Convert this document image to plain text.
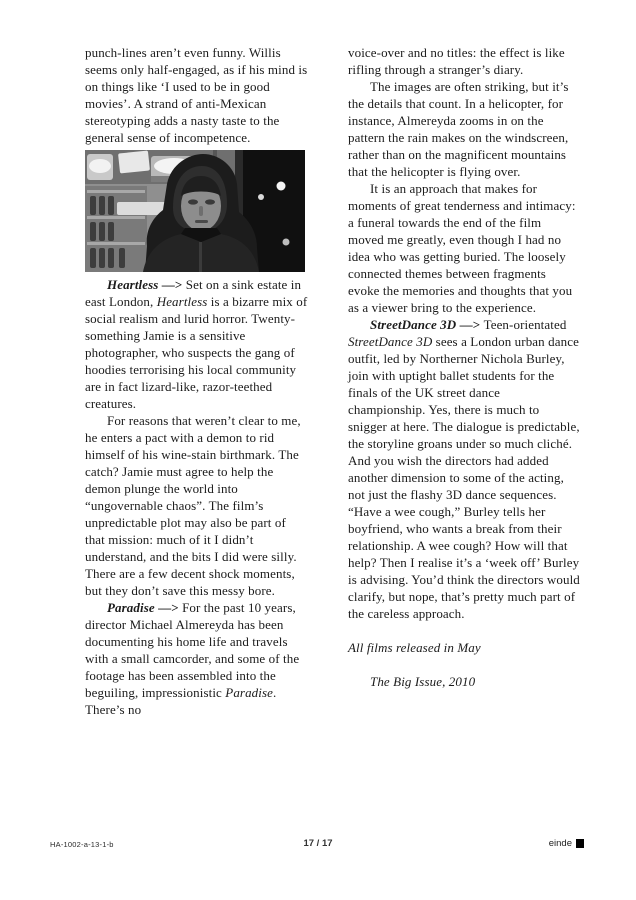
punch-lines aren’t even funny. Willis seems only half-engaged, as if his mind is on things like ‘I used to be in good movies’. A strand of anti-Mexican stereotyping adds a nasty taste to the general sense of incompetence.

Heartless —> Set on a sink estate in east London, Heartless is a bizarre mix of social realism and lurid horror. Twenty-something Jamie is a sensitive photographer, who suspects the gang of hoodies terrorising his local community are in fact lizard-like, razor-teethed creatures.

For reasons that weren’t clear to me, he enters a pact with a demon to rid himself of his wine-stain birthmark. The catch? Jamie must agree to help the demon plunge the world into “ungovernable chaos”. The film’s unpredictable plot may also be part of that mission: much of it I didn’t understand, and the bits I did were silly. There are a few decent shock moments, but they don’t save this messy bore.

Paradise —> For the past 10 years, director Michael Almereyda has been documenting his home life and travels with a small camcorder, and some of the footage has been assembled into the beguiling, impressionistic Paradise. There’s no

voice-over and no titles: the effect is like rifling through a stranger’s diary.

The images are often striking, but it’s the details that count. In a helicopter, for instance, Almereyda zooms in on the pattern the rain makes on the windscreen, rather than on the magnificent mountains that the helicopter is flying over.

It is an approach that makes for moments of great tenderness and intimacy: a funeral towards the end of the film moved me greatly, even though I had no idea who was getting buried. The loosely connected themes between fragments evoke the memories and thoughts that you as a viewer bring to the experience.

StreetDance 3D —> Teen-orientated StreetDance 3D sees a London urban dance outfit, led by Northerner Nichola Burley, join with uptight ballet students for the finals of the UK street dance championship. Yes, there is much to snigger at here. The dialogue is predictable, the storyline groans under so much cliché. And you wish the directors had added another dimension to some of the acting, not just the flashy 3D dance sequences. “Have a wee cough,” Burley tells her boyfriend, who wants a break from their relationship. A wee cough? How will that help? Then I realise it’s a ‘week off’ Burley is advising. You’d think the directors would clarify, but nope, that’s pretty much part of the careless approach.

All films released in May

The Big Issue, 2010

HA-1002-a-13-1-b	17 / 17	einde
